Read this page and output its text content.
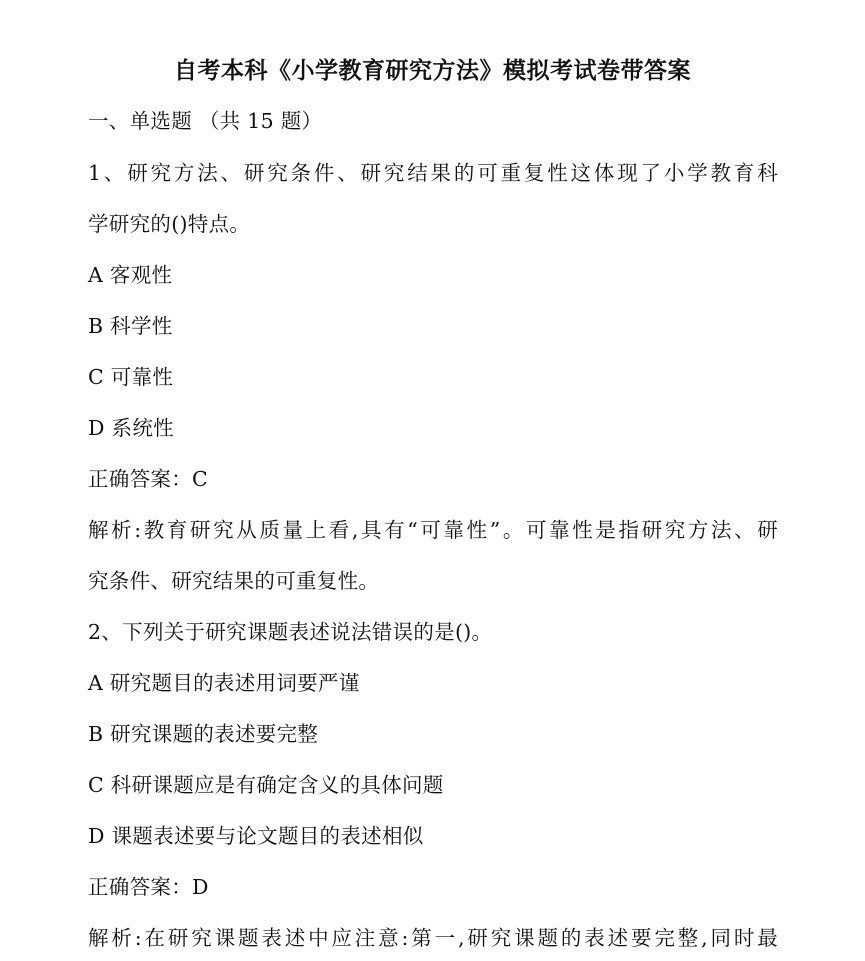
自考本科《小学教育研究方法》模拟考试卷带答案
一、单选题 （共 15 题）
1、研究方法、研究条件、研究结果的可重复性这体现了小学教育科
学研究的()特点。
A 客观性
B 科学性
C 可靠性
D 系统性
正确答案：C
解析:教育研究从质量上看,具有“可靠性”。可靠性是指研究方法、研
究条件、研究结果的可重复性。
2、下列关于研究课题表述说法错误的是()。
A 研究题目的表述用词要严谨
B 研究课题的表述要完整
C 科研课题应是有确定含义的具体问题
D 课题表述要与论文题目的表述相似
正确答案：D
解析:在研究课题表述中应注意:第一,研究课题的表述要完整,同时最
